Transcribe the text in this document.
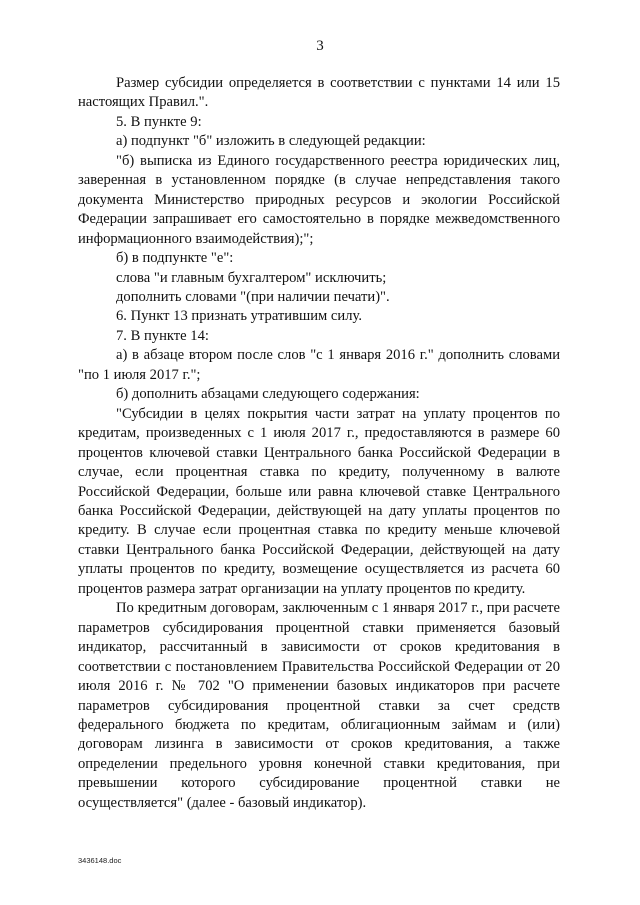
3

Размер субсидии определяется в соответствии с пунктами 14 или 15 настоящих Правил.".

5. В пункте 9:

а) подпункт "б" изложить в следующей редакции:

"б) выписка из Единого государственного реестра юридических лиц, заверенная в установленном порядке (в случае непредставления такого документа Министерство природных ресурсов и экологии Российской Федерации запрашивает его самостоятельно в порядке межведомственного информационного взаимодействия);";

б) в подпункте "е":

слова "и главным бухгалтером" исключить;

дополнить словами "(при наличии печати)".

6. Пункт 13 признать утратившим силу.

7. В пункте 14:

а) в абзаце втором после слов "с 1 января 2016 г." дополнить словами "по 1 июля 2017 г.";

б) дополнить абзацами следующего содержания:

"Субсидии в целях покрытия части затрат на уплату процентов по кредитам, произведенных с 1 июля 2017 г., предоставляются в размере 60 процентов ключевой ставки Центрального банка Российской Федерации в случае, если процентная ставка по кредиту, полученному в валюте Российской Федерации, больше или равна ключевой ставке Центрального банка Российской Федерации, действующей на дату уплаты процентов по кредиту. В случае если процентная ставка по кредиту меньше ключевой ставки Центрального банка Российской Федерации, действующей на дату уплаты процентов по кредиту, возмещение осуществляется из расчета 60 процентов размера затрат организации на уплату процентов по кредиту.

По кредитным договорам, заключенным с 1 января 2017 г., при расчете параметров субсидирования процентной ставки применяется базовый индикатор, рассчитанный в зависимости от сроков кредитования в соответствии с постановлением Правительства Российской Федерации от 20 июля 2016 г. № 702 "О применении базовых индикаторов при расчете параметров субсидирования процентной ставки за счет средств федерального бюджета по кредитам, облигационным займам и (или) договорам лизинга в зависимости от сроков кредитования, а также определении предельного уровня конечной ставки кредитования, при превышении которого субсидирование процентной ставки не осуществляется" (далее - базовый индикатор).

3436148.doc
